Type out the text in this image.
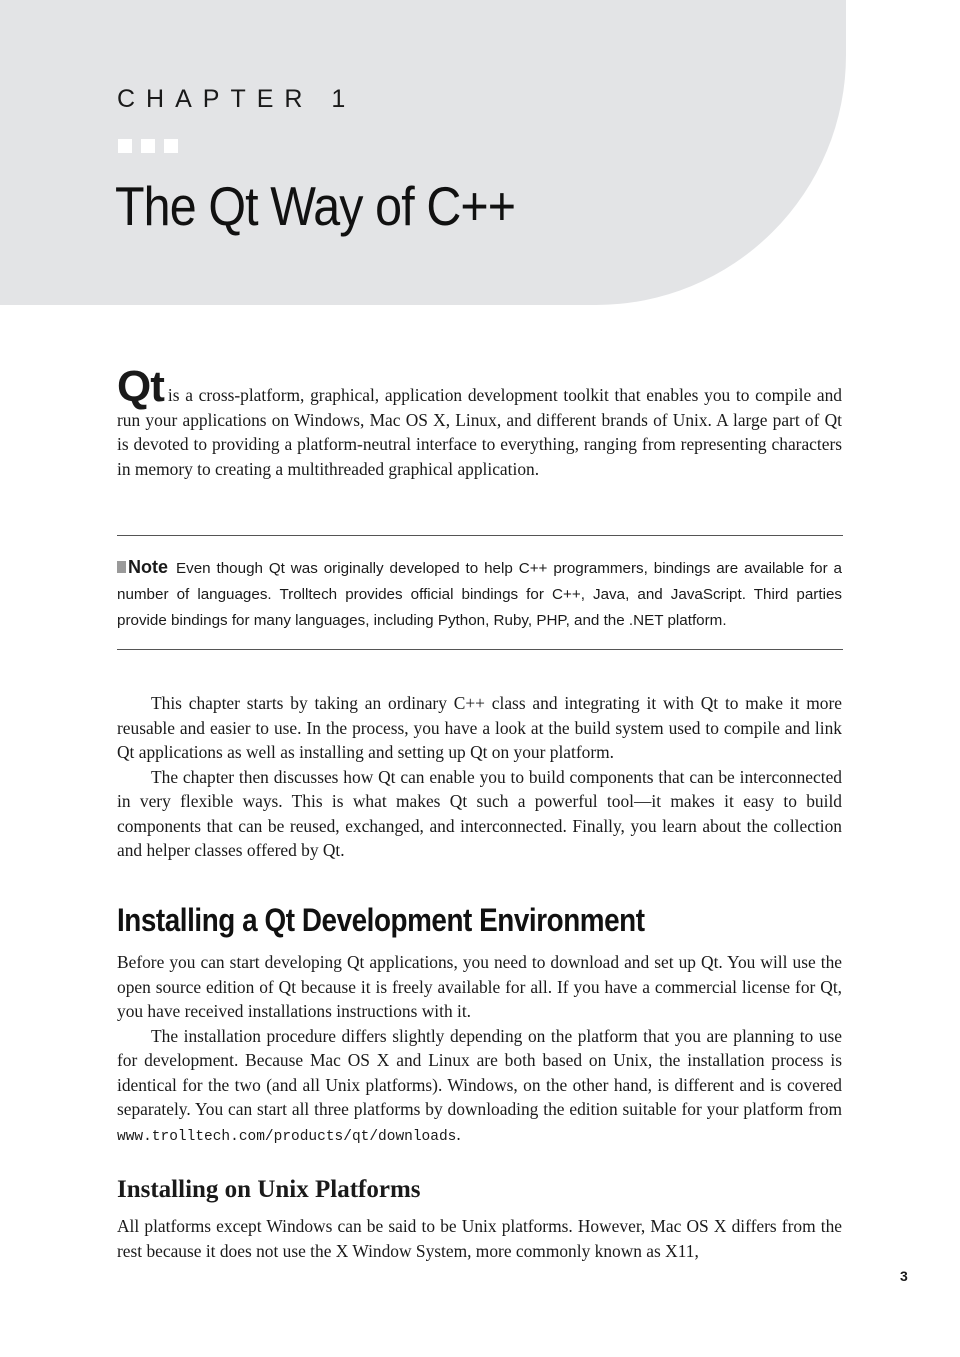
CHAPTER 1
The Qt Way of C++

Qt is a cross-platform, graphical, application development toolkit that enables you to compile and run your applications on Windows, Mac OS X, Linux, and different brands of Unix. A large part of Qt is devoted to providing a platform-neutral interface to everything, ranging from representing characters in memory to creating a multithreaded graphical application.

Note Even though Qt was originally developed to help C++ programmers, bindings are available for a number of languages. Trolltech provides official bindings for C++, Java, and JavaScript. Third parties provide bindings for many languages, including Python, Ruby, PHP, and the .NET platform.

This chapter starts by taking an ordinary C++ class and integrating it with Qt to make it more reusable and easier to use. In the process, you have a look at the build system used to compile and link Qt applications as well as installing and setting up Qt on your platform.

The chapter then discusses how Qt can enable you to build components that can be interconnected in very flexible ways. This is what makes Qt such a powerful tool—it makes it easy to build components that can be reused, exchanged, and interconnected. Finally, you learn about the collection and helper classes offered by Qt.

Installing a Qt Development Environment

Before you can start developing Qt applications, you need to download and set up Qt. You will use the open source edition of Qt because it is freely available for all. If you have a commercial license for Qt, you have received installations instructions with it.

The installation procedure differs slightly depending on the platform that you are planning to use for development. Because Mac OS X and Linux are both based on Unix, the installation process is identical for the two (and all Unix platforms). Windows, on the other hand, is different and is covered separately. You can start all three platforms by downloading the edition suitable for your platform from www.trolltech.com/products/qt/downloads.

Installing on Unix Platforms

All platforms except Windows can be said to be Unix platforms. However, Mac OS X differs from the rest because it does not use the X Window System, more commonly known as X11,

3
